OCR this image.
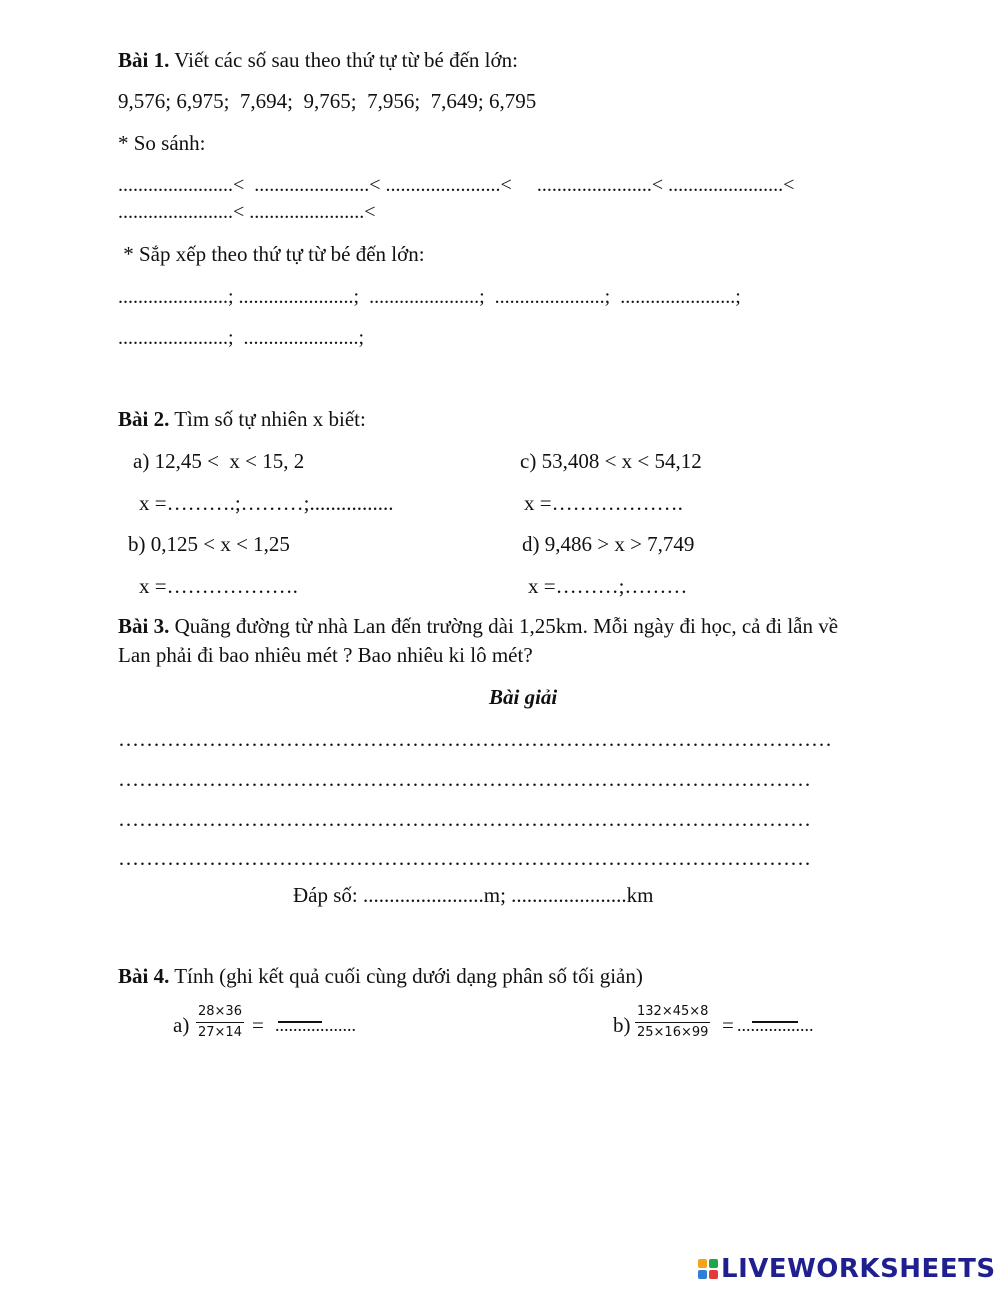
Bài 1. Viết các số sau theo thứ tự từ bé đến lớn:
9,576; 6,975;  7,694;  9,765;  7,956;  7,649; 6,795
* So sánh:
.......................<  .......................< .......................<     .......................< .......................<
.......................< .......................<
* Sắp xếp theo thứ tự từ bé đến lớn:
......................; .......................;  ......................;  ......................;  .......................;
......................;  .......................;
Bài 2. Tìm số tự nhiên x biết:
a) 12,45 <  x < 15, 2
x =……….;………;................
b) 0,125 < x < 1,25
x =……………….
c) 53,408 < x < 54,12
x =……………….
d) 9,486 > x > 7,749
x =………;………
Bài 3. Quãng đường từ nhà Lan đến trường dài 1,25km. Mỗi ngày đi học, cả đi lẫn về
Lan phải đi bao nhiêu mét ? Bao nhiêu ki lô mét?
Bài giải
…………………………………………………………………………………………
………………………………………………………………………………………
………………………………………………………………………………………
………………………………………………………………………………………
Đáp số: .......................m; ......................km
Bài 4. Tính (ghi kết quả cuối cùng dưới dạng phân số tối giản)
$a) \frac{28\times 36}{27\times 14}$ = ..................	$b) \frac{132\times 45\times 8}{25\times 16\times 99}$ = .................
LIVEWORKSHEETS
